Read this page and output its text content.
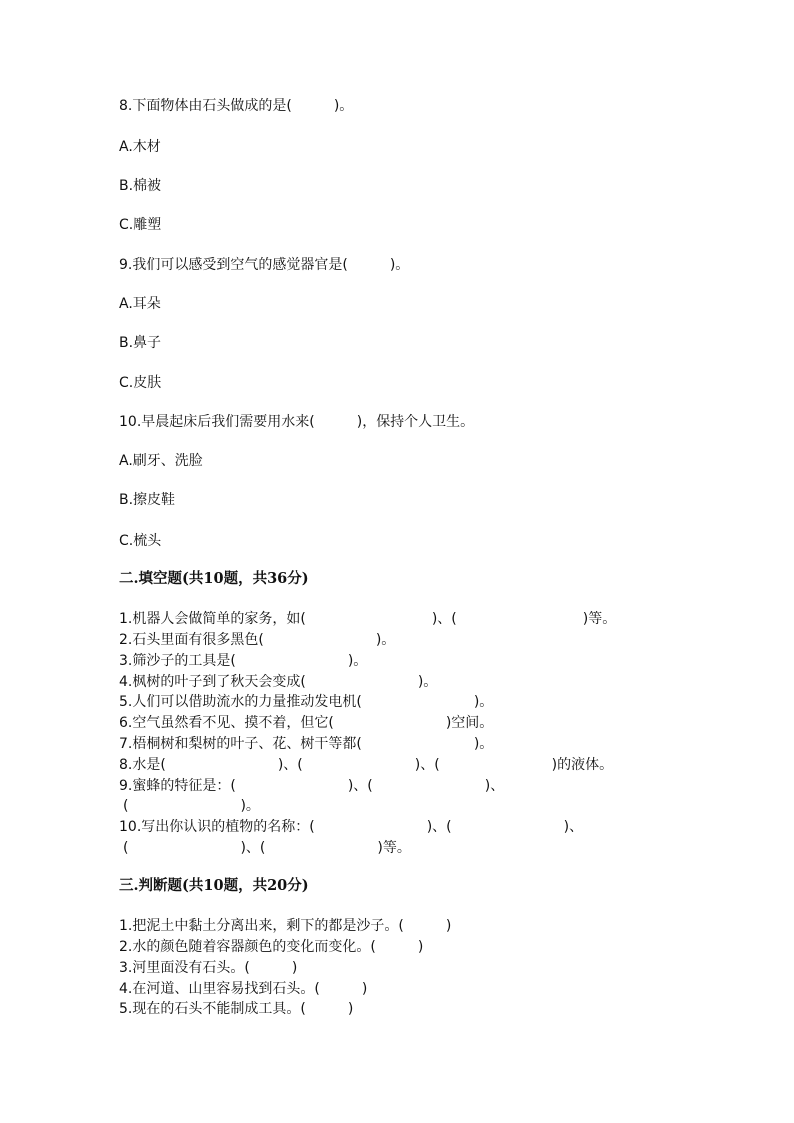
8.下面物体由石头做成的是(　　　)。
A.木材
B.棉被
C.雕塑
9.我们可以感受到空气的感觉器官是(　　　)。
A.耳朵
B.鼻子
C.皮肤
10.早晨起床后我们需要用水来(　　　)，保持个人卫生。
A.刷牙、洗脸
B.擦皮鞋
C.梳头
二.填空题(共10题，共36分)
1.机器人会做简单的家务，如(　　　　　　　　　)、(　　　　　　　　　)等。
2.石头里面有很多黑色(　　　　　　　　)。
3.筛沙子的工具是(　　　　　　　　)。
4.枫树的叶子到了秋天会变成(　　　　　　　　)。
5.人们可以借助流水的力量推动发电机(　　　　　　　　)。
6.空气虽然看不见、摸不着，但它(　　　　　　　　)空间。
7.梧桐树和梨树的叶子、花、树干等都(　　　　　　　　)。
8.水是(　　　　　　　　)、(　　　　　　　　)、(　　　　　　　　)的液体。
9.蜜蜂的特征是：(　　　　　　　　)、(　　　　　　　　)、
(　　　　　　　　)。
10.写出你认识的植物的名称：(　　　　　　　　)、(　　　　　　　　)、
(　　　　　　　　)、(　　　　　　　　)等。
三.判断题(共10题，共20分)
1.把泥土中黏土分离出来，剩下的都是沙子。(　　　)
2.水的颜色随着容器颜色的变化而变化。(　　　)
3.河里面没有石头。(　　　)
4.在河道、山里容易找到石头。(　　　)
5.现在的石头不能制成工具。(　　　)
